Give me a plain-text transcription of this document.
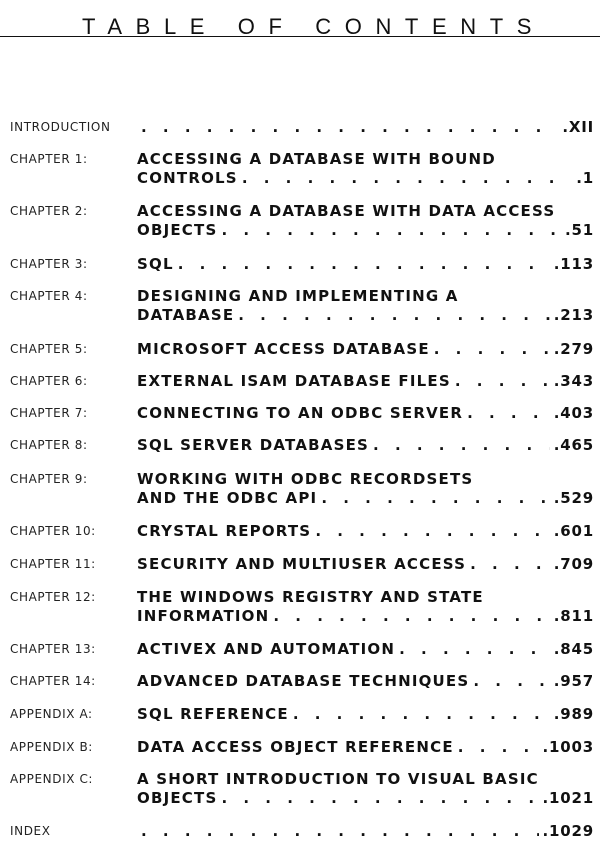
TABLE OF CONTENTS
INTRODUCTION . . .	.XII
CHAPTER 1:	ACCESSING A DATABASE WITH BOUND
CONTROLS . . .	.1
CHAPTER 2:	ACCESSING A DATABASE WITH DATA ACCESS
OBJECTS . . .	.51
CHAPTER 3:	SQL . . .	.113
CHAPTER 4:	DESIGNING AND IMPLEMENTING A
DATABASE . . .	.213
CHAPTER 5:	MICROSOFT ACCESS DATABASE . . .	.279
CHAPTER 6:	EXTERNAL ISAM DATABASE FILES . . .	.343
CHAPTER 7:	CONNECTING TO AN ODBC SERVER . . .	.403
CHAPTER 8:	SQL SERVER DATABASES . . .	.465
CHAPTER 9:	WORKING WITH ODBC RECORDSETS
AND THE ODBC API . . .	.529
CHAPTER 10:	CRYSTAL REPORTS . . .	.601
CHAPTER 11:	SECURITY AND MULTIUSER ACCESS . . .	.709
CHAPTER 12:	THE WINDOWS REGISTRY AND STATE
INFORMATION . . .	.811
CHAPTER 13:	ACTIVEX AND AUTOMATION . . .	.845
CHAPTER 14:	ADVANCED DATABASE TECHNIQUES . . .	.957
APPENDIX A:	SQL REFERENCE . . .	.989
APPENDIX B:	DATA ACCESS OBJECT REFERENCE . . .	.1003
APPENDIX C:	A SHORT INTRODUCTION TO VISUAL BASIC
OBJECTS . . .	.1021
INDEX . . .	.1029
